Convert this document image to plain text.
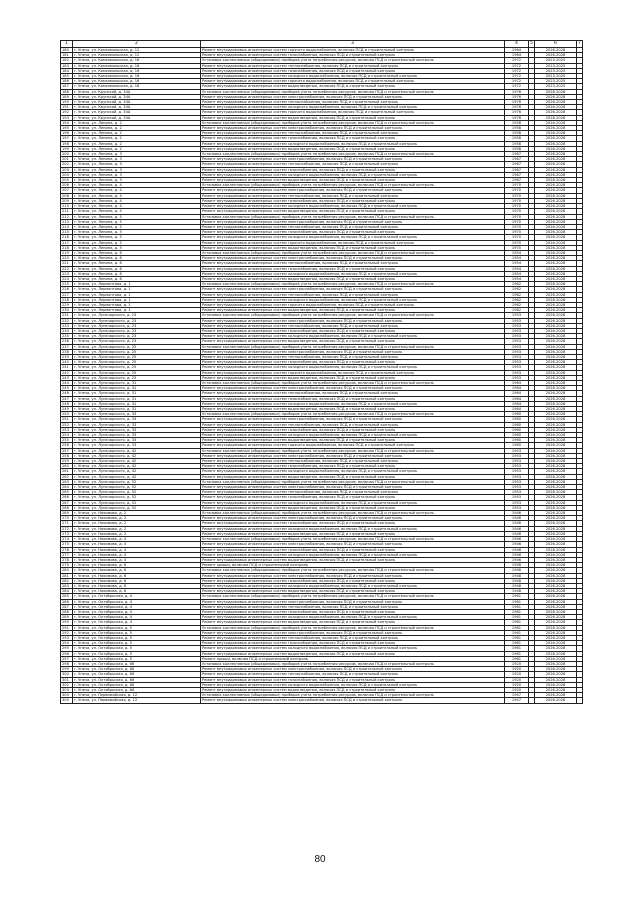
1	2	3	4	5	6	7
180	г. Унеча, ул. Комсомольская, д. 12	Ремонт внутридомовых инженерных систем горячего водоснабжения, включая ПСД и строительный контроль	1964		2026-2028	
181	г. Унеча, ул. Комсомольская, д. 12	Ремонт внутридомовых инженерных систем газоснабжения, включая ПСД и строительный контроль	1964		2026-2028	
182	г. Унеча, ул. Комсомольская, д. 16	Установка коллективных (общедомовых) приборов учета потребления ресурсов, включая ПСД и строительный контроль	1972		2023-2025	
183	г. Унеча, ул. Комсомольская, д. 16	Ремонт внутридомовых инженерных систем теплоснабжения, включая ПСД и строительный контроль	1972		2023-2025	
184	г. Унеча, ул. Комсомольская, д. 16	Ремонт внутридомовых инженерных систем газоснабжения, включая ПСД и строительный контроль	1972		2023-2025	
185	г. Унеча, ул. Комсомольская, д. 16	Ремонт внутридомовых инженерных систем холодного водоснабжения, включая ПСД и строительный контроль	1972		2023-2025	
186	г. Унеча, ул. Комсомольская, д. 16	Ремонт внутридомовых инженерных систем горячего водоснабжения, включая ПСД и строительный контроль	1972		2023-2025	
187	г. Унеча, ул. Комсомольская, д. 16	Ремонт внутридомовых инженерных систем водоотведения, включая ПСД и строительный контроль	1972		2023-2025	
188	г. Унеча, ул. Крупской, д. 34А	Установка коллективных (общедомовых) приборов учета потребления ресурсов, включая ПСД и строительный контроль	1976		2026-2028	
189	г. Унеча, ул. Крупской, д. 34А	Ремонт внутридомовых инженерных систем электроснабжения, включая ПСД и строительный контроль	1976		2026-2028	
190	г. Унеча, ул. Крупской, д. 34А	Ремонт внутридомовых инженерных систем теплоснабжения, включая ПСД и строительный контроль	1976		2026-2028	
191	г. Унеча, ул. Крупской, д. 34А	Ремонт внутридомовых инженерных систем холодного водоснабжения, включая ПСД и строительный контроль	1976		2026-2028	
192	г. Унеча, ул. Крупской, д. 34А	Ремонт внутридомовых инженерных систем горячего водоснабжения, включая ПСД и строительный контроль	1976		2026-2028	
193	г. Унеча, ул. Крупской, д. 34А	Ремонт внутридомовых инженерных систем водоотведения, включая ПСД и строительный контроль	1976		2026-2028	
194	г. Унеча, ул. Ленина, д. 2	Установка коллективных (общедомовых) приборов учета потребления ресурсов, включая ПСД и строительный контроль	1958		2026-2028	
195	г. Унеча, ул. Ленина, д. 2	Ремонт внутридомовых инженерных систем электроснабжения, включая ПСД и строительный контроль	1958		2026-2028	
196	г. Унеча, ул. Ленина, д. 2	Ремонт внутридомовых инженерных систем теплоснабжения, включая ПСД и строительный контроль	1958		2026-2028	
197	г. Унеча, ул. Ленина, д. 2	Ремонт внутридомовых инженерных систем газоснабжения, включая ПСД и строительный контроль	1958		2026-2028	
198	г. Унеча, ул. Ленина, д. 2	Ремонт внутридомовых инженерных систем холодного водоснабжения, включая ПСД и строительный контроль	1958		2026-2028	
199	г. Унеча, ул. Ленина, д. 2	Ремонт внутридомовых инженерных систем водоотведения, включая ПСД и строительный контроль	1958		2026-2028	
200	г. Унеча, ул. Ленина, д. 3	Установка коллективных (общедомовых) приборов учета потребления ресурсов, включая ПСД и строительный контроль	1967		2026-2028	
201	г. Унеча, ул. Ленина, д. 3	Ремонт внутридомовых инженерных систем электроснабжения, включая ПСД и строительный контроль	1967		2026-2028	
202	г. Унеча, ул. Ленина, д. 3	Ремонт внутридомовых инженерных систем теплоснабжения, включая ПСД и строительный контроль	1967		2026-2028	
203	г. Унеча, ул. Ленина, д. 3	Ремонт внутридомовых инженерных систем газоснабжения, включая ПСД и строительный контроль	1967		2026-2028	
204	г. Унеча, ул. Ленина, д. 3	Ремонт внутридомовых инженерных систем холодного водоснабжения, включая ПСД и строительный контроль	1967		2026-2028	
205	г. Унеча, ул. Ленина, д. 3	Ремонт внутридомовых инженерных систем водоотведения, включая ПСД и строительный контроль	1967		2026-2028	
206	г. Унеча, ул. Ленина, д. 4	Установка коллективных (общедомовых) приборов учета потребления ресурсов, включая ПСД и строительный контроль	1970		2026-2028	
207	г. Унеча, ул. Ленина, д. 4	Ремонт внутридомовых инженерных систем электроснабжения, включая ПСД и строительный контроль	1970		2026-2028	
208	г. Унеча, ул. Ленина, д. 4	Ремонт внутридомовых инженерных систем теплоснабжения, включая ПСД и строительный контроль	1970		2026-2028	
209	г. Унеча, ул. Ленина, д. 4	Ремонт внутридомовых инженерных систем газоснабжения, включая ПСД и строительный контроль	1970		2026-2028	
210	г. Унеча, ул. Ленина, д. 4	Ремонт внутридомовых инженерных систем холодного водоснабжения, включая ПСД и строительный контроль	1970		2026-2028	
211	г. Унеча, ул. Ленина, д. 4	Ремонт внутридомовых инженерных систем водоотведения, включая ПСД и строительный контроль	1970		2026-2028	
212	г. Унеча, ул. Ленина, д. 5	Установка коллективных (общедомовых) приборов учета потребления ресурсов, включая ПСД и строительный контроль	1970		2026-2028	
213	г. Унеча, ул. Ленина, д. 5	Ремонт внутридомовых инженерных систем электроснабжения, включая ПСД и строительный контроль	1970		2026-2028	
214	г. Унеча, ул. Ленина, д. 5	Ремонт внутридомовых инженерных систем теплоснабжения, включая ПСД и строительный контроль	1970		2026-2028	
215	г. Унеча, ул. Ленина, д. 5	Ремонт внутридомовых инженерных систем газоснабжения, включая ПСД и строительный контроль	1970		2026-2028	
216	г. Унеча, ул. Ленина, д. 5	Ремонт внутридомовых инженерных систем холодного водоснабжения, включая ПСД и строительный контроль	1970		2026-2028	
217	г. Унеча, ул. Ленина, д. 5	Ремонт внутридомовых инженерных систем горячего водоснабжения, включая ПСД и строительный контроль	1970		2026-2028	
218	г. Унеча, ул. Ленина, д. 5	Ремонт внутридомовых инженерных систем водоотведения, включая ПСД и строительный контроль	1970		2026-2028	
219	г. Унеча, ул. Ленина, д. 6	Установка коллективных (общедомовых) приборов учета потребления ресурсов, включая ПСД и строительный контроль	1954		2026-2028	
220	г. Унеча, ул. Ленина, д. 6	Ремонт внутридомовых инженерных систем электроснабжения, включая ПСД и строительный контроль	1954		2026-2028	
221	г. Унеча, ул. Ленина, д. 6	Ремонт внутридомовых инженерных систем теплоснабжения, включая ПСД и строительный контроль	1954		2026-2028	
222	г. Унеча, ул. Ленина, д. 6	Ремонт внутридомовых инженерных систем газоснабжения, включая ПСД и строительный контроль	1954		2026-2028	
223	г. Унеча, ул. Ленина, д. 6	Ремонт внутридомовых инженерных систем холодного водоснабжения, включая ПСД и строительный контроль	1954		2026-2028	
224	г. Унеча, ул. Ленина, д. 6	Ремонт внутридомовых инженерных систем водоотведения, включая ПСД и строительный контроль	1954		2026-2028	
225	г. Унеча, ул. Лермонтова, д. 1	Установка коллективных (общедомовых) приборов учета потребления ресурсов, включая ПСД и строительный контроль	1962		2026-2028	
226	г. Унеча, ул. Лермонтова, д. 1	Ремонт внутридомовых инженерных систем электроснабжения, включая ПСД и строительный контроль	1962		2026-2028	
227	г. Унеча, ул. Лермонтова, д. 1	Ремонт внутридомовых инженерных систем теплоснабжения, включая ПСД и строительный контроль	1962		2026-2028	
228	г. Унеча, ул. Лермонтова, д. 1	Ремонт внутридомовых инженерных систем холодного водоснабжения, включая ПСД и строительный контроль	1962		2026-2028	
229	г. Унеча, ул. Лермонтова, д. 1	Ремонт внутридомовых инженерных систем горячего водоснабжения, включая ПСД и строительный контроль	1962		2026-2028	
230	г. Унеча, ул. Лермонтова, д. 1	Ремонт внутридомовых инженерных систем водоотведения, включая ПСД и строительный контроль	1962		2026-2028	
231	г. Унеча, ул. Луначарского, д. 23	Установка коллективных (общедомовых) приборов учета потребления ресурсов, включая ПСД и строительный контроль	1953		2026-2028	
232	г. Унеча, ул. Луначарского, д. 23	Ремонт внутридомовых инженерных систем электроснабжения, включая ПСД и строительный контроль	1953		2026-2028	
233	г. Унеча, ул. Луначарского, д. 23	Ремонт внутридомовых инженерных систем теплоснабжения, включая ПСД и строительный контроль	1953		2026-2028	
234	г. Унеча, ул. Луначарского, д. 23	Ремонт внутридомовых инженерных систем газоснабжения, включая ПСД и строительный контроль	1953		2026-2028	
235	г. Унеча, ул. Луначарского, д. 23	Ремонт внутридомовых инженерных систем холодного водоснабжения, включая ПСД и строительный контроль	1953		2026-2028	
236	г. Унеча, ул. Луначарского, д. 23	Ремонт внутридомовых инженерных систем водоотведения, включая ПСД и строительный контроль	1953		2026-2028	
237	г. Унеча, ул. Луначарского, д. 25	Установка коллективных (общедомовых) приборов учета потребления ресурсов, включая ПСД и строительный контроль	1953		2026-2028	
238	г. Унеча, ул. Луначарского, д. 25	Ремонт внутридомовых инженерных систем электроснабжения, включая ПСД и строительный контроль	1953		2026-2028	
239	г. Унеча, ул. Луначарского, д. 25	Ремонт внутридомовых инженерных систем теплоснабжения, включая ПСД и строительный контроль	1953		2026-2028	
240	г. Унеча, ул. Луначарского, д. 25	Ремонт внутридомовых инженерных систем газоснабжения, включая ПСД и строительный контроль	1953		2026-2028	
241	г. Унеча, ул. Луначарского, д. 25	Ремонт внутридомовых инженерных систем холодного водоснабжения, включая ПСД и строительный контроль	1953		2026-2028	
242	г. Унеча, ул. Луначарского, д. 25	Ремонт внутридомовых инженерных систем горячего водоснабжения, включая ПСД и строительный контроль	1953		2026-2028	
243	г. Унеча, ул. Луначарского, д. 25	Ремонт внутридомовых инженерных систем водоотведения, включая ПСД и строительный контроль	1953		2026-2028	
244	г. Унеча, ул. Луначарского, д. 31	Установка коллективных (общедомовых) приборов учета потребления ресурсов, включая ПСД и строительный контроль	1964		2026-2028	
245	г. Унеча, ул. Луначарского, д. 31	Ремонт внутридомовых инженерных систем электроснабжения, включая ПСД и строительный контроль	1964		2026-2028	
246	г. Унеча, ул. Луначарского, д. 31	Ремонт внутридомовых инженерных систем теплоснабжения, включая ПСД и строительный контроль	1964		2026-2028	
247	г. Унеча, ул. Луначарского, д. 31	Ремонт внутридомовых инженерных систем газоснабжения, включая ПСД и строительный контроль	1964		2026-2028	
248	г. Унеча, ул. Луначарского, д. 31	Ремонт внутридомовых инженерных систем холодного водоснабжения, включая ПСД и строительный контроль	1964		2026-2028	
249	г. Унеча, ул. Луначарского, д. 31	Ремонт внутридомовых инженерных систем водоотведения, включая ПСД и строительный контроль	1964		2026-2028	
250	г. Унеча, ул. Луначарского, д. 33	Установка коллективных (общедомовых) приборов учета потребления ресурсов, включая ПСД и строительный контроль	1960		2026-2028	
251	г. Унеча, ул. Луначарского, д. 33	Ремонт внутридомовых инженерных систем электроснабжения, включая ПСД и строительный контроль	1960		2026-2028	
252	г. Унеча, ул. Луначарского, д. 33	Ремонт внутридомовых инженерных систем теплоснабжения, включая ПСД и строительный контроль	1960		2026-2028	
253	г. Унеча, ул. Луначарского, д. 33	Ремонт внутридомовых инженерных систем газоснабжения, включая ПСД и строительный контроль	1960		2026-2028	
254	г. Унеча, ул. Луначарского, д. 33	Ремонт внутридомовых инженерных систем холодного водоснабжения, включая ПСД и строительный контроль	1960		2026-2028	
255	г. Унеча, ул. Луначарского, д. 33	Ремонт внутридомовых инженерных систем водоотведения, включая ПСД и строительный контроль	1960		2026-2028	
256	г. Унеча, ул. Луначарского, д. 33	Ремонт внутридомовых инженерных систем горячего водоснабжения, включая ПСД и строительный контроль	1960		2026-2028	
257	г. Унеча, ул. Луначарского, д. 42	Установка коллективных (общедомовых) приборов учета потребления ресурсов, включая ПСД и строительный контроль	1953		2026-2028	
258	г. Унеча, ул. Луначарского, д. 42	Ремонт внутридомовых инженерных систем электроснабжения, включая ПСД и строительный контроль	1953		2026-2028	
259	г. Унеча, ул. Луначарского, д. 42	Ремонт внутридомовых инженерных систем теплоснабжения, включая ПСД и строительный контроль	1953		2026-2028	
260	г. Унеча, ул. Луначарского, д. 42	Ремонт внутридомовых инженерных систем газоснабжения, включая ПСД и строительный контроль	1953		2026-2028	
261	г. Унеча, ул. Луначарского, д. 42	Ремонт внутридомовых инженерных систем холодного водоснабжения, включая ПСД и строительный контроль	1953		2026-2028	
262	г. Унеча, ул. Луначарского, д. 42	Ремонт внутридомовых инженерных систем водоотведения, включая ПСД и строительный контроль	1953		2026-2028	
263	г. Унеча, ул. Луначарского, д. 52	Установка коллективных (общедомовых) приборов учета потребления ресурсов, включая ПСД и строительный контроль	1953		2026-2028	
264	г. Унеча, ул. Луначарского, д. 52	Ремонт внутридомовых инженерных систем электроснабжения, включая ПСД и строительный контроль	1953		2026-2028	
265	г. Унеча, ул. Луначарского, д. 52	Ремонт внутридомовых инженерных систем теплоснабжения, включая ПСД и строительный контроль	1953		2026-2028	
266	г. Унеча, ул. Луначарского, д. 52	Ремонт внутридомовых инженерных систем газоснабжения, включая ПСД и строительный контроль	1953		2026-2028	
267	г. Унеча, ул. Луначарского, д. 52	Ремонт внутридомовых инженерных систем холодного водоснабжения, включая ПСД и строительный контроль	1953		2026-2028	
268	г. Унеча, ул. Луначарского, д. 52	Ремонт внутридомовых инженерных систем водоотведения, включая ПСД и строительный контроль	1953		2026-2028	
269	г. Унеча, ул. Нахимова, д. 2	Установка коллективных (общедомовых) приборов учета потребления ресурсов, включая ПСД и строительный контроль	1946		2026-2028	
270	г. Унеча, ул. Нахимова, д. 2	Ремонт внутридомовых инженерных систем электроснабжения, включая ПСД и строительный контроль	1946		2026-2028	
271	г. Унеча, ул. Нахимова, д. 2	Ремонт внутридомовых инженерных систем газоснабжения, включая ПСД и строительный контроль	1946		2026-2028	
272	г. Унеча, ул. Нахимова, д. 2	Ремонт внутридомовых инженерных систем холодного водоснабжения, включая ПСД и строительный контроль	1946		2026-2028	
273	г. Унеча, ул. Нахимова, д. 2	Ремонт внутридомовых инженерных систем водоотведения, включая ПСД и строительный контроль	1946		2026-2028	
274	г. Унеча, ул. Нахимова, д. 4	Установка коллективных (общедомовых) приборов учета потребления ресурсов, включая ПСД и строительный контроль	1946		2026-2028	
275	г. Унеча, ул. Нахимова, д. 4	Ремонт внутридомовых инженерных систем электроснабжения, включая ПСД и строительный контроль	1946		2026-2028	
276	г. Унеча, ул. Нахимова, д. 4	Ремонт внутридомовых инженерных систем газоснабжения, включая ПСД и строительный контроль	1946		2026-2028	
277	г. Унеча, ул. Нахимова, д. 4	Ремонт внутридомовых инженерных систем холодного водоснабжения, включая ПСД и строительный контроль	1946		2026-2028	
278	г. Унеча, ул. Нахимова, д. 4	Ремонт внутридомовых инженерных систем водоотведения, включая ПСД и строительный контроль	1946		2026-2028	
279	г. Унеча, ул. Нахимова, д. 6	Ремонт крыши, включая ПСД и строительный контроль	1948		2026-2028	
280	г. Унеча, ул. Нахимова, д. 6	Установка коллективных (общедомовых) приборов учета потребления ресурсов, включая ПСД и строительный контроль	1948		2026-2028	
281	г. Унеча, ул. Нахимова, д. 6	Ремонт внутридомовых инженерных систем электроснабжения, включая ПСД и строительный контроль	1948		2026-2028	
282	г. Унеча, ул. Нахимова, д. 6	Ремонт внутридомовых инженерных систем газоснабжения, включая ПСД и строительный контроль	1948		2026-2028	
283	г. Унеча, ул. Нахимова, д. 6	Ремонт внутридомовых инженерных систем холодного водоснабжения, включая ПСД и строительный контроль	1948		2026-2028	
284	г. Унеча, ул. Нахимова, д. 6	Ремонт внутридомовых инженерных систем водоотведения, включая ПСД и строительный контроль	1948		2026-2028	
285	г. Унеча, ул. Октябрьская, д. 4	Установка коллективных (общедомовых) приборов учета потребления ресурсов, включая ПСД и строительный контроль	1961		2026-2028	
286	г. Унеча, ул. Октябрьская, д. 4	Ремонт внутридомовых инженерных систем электроснабжения, включая ПСД и строительный контроль	1961		2026-2028	
287	г. Унеча, ул. Октябрьская, д. 4	Ремонт внутридомовых инженерных систем теплоснабжения, включая ПСД и строительный контроль	1961		2026-2028	
288	г. Унеча, ул. Октябрьская, д. 4	Ремонт внутридомовых инженерных систем газоснабжения, включая ПСД и строительный контроль	1961		2026-2028	
289	г. Унеча, ул. Октябрьская, д. 4	Ремонт внутридомовых инженерных систем холодного водоснабжения, включая ПСД и строительный контроль	1961		2026-2028	
290	г. Унеча, ул. Октябрьская, д. 4	Ремонт внутридомовых инженерных систем водоотведения, включая ПСД и строительный контроль	1961		2026-2028	
291	г. Унеча, ул. Октябрьская, д. 5	Установка коллективных (общедомовых) приборов учета потребления ресурсов, включая ПСД и строительный контроль	1961		2026-2028	
292	г. Унеча, ул. Октябрьская, д. 5	Ремонт внутридомовых инженерных систем электроснабжения, включая ПСД и строительный контроль	1961		2026-2028	
293	г. Унеча, ул. Октябрьская, д. 5	Ремонт внутридомовых инженерных систем теплоснабжения, включая ПСД и строительный контроль	1961		2026-2028	
294	г. Унеча, ул. Октябрьская, д. 5	Ремонт внутридомовых инженерных систем газоснабжения, включая ПСД и строительный контроль	1961		2026-2028	
295	г. Унеча, ул. Октябрьская, д. 5	Ремонт внутридомовых инженерных систем холодного водоснабжения, включая ПСД и строительный контроль	1961		2026-2028	
296	г. Унеча, ул. Октябрьская, д. 5	Ремонт внутридомовых инженерных систем водоотведения, включая ПСД и строительный контроль	1961		2026-2028	
297	г. Унеча, ул. Октябрьская, д. 5	Ремонт крыши, включая ПСД и строительный контроль	1961		2026-2028	
298	г. Унеча, ул. Октябрьская, д. 66	Установка коллективных (общедомовых) приборов учета потребления ресурсов, включая ПСД и строительный контроль	1920		2026-2028	
299	г. Унеча, ул. Октябрьская, д. 66	Ремонт внутридомовых инженерных систем электроснабжения, включая ПСД и строительный контроль	1920		2026-2028	
300	г. Унеча, ул. Октябрьская, д. 66	Ремонт внутридомовых инженерных систем теплоснабжения, включая ПСД и строительный контроль	1920		2026-2028	
301	г. Унеча, ул. Октябрьская, д. 66	Ремонт внутридомовых инженерных систем газоснабжения, включая ПСД и строительный контроль	1920		2026-2028	
302	г. Унеча, ул. Октябрьская, д. 66	Ремонт внутридомовых инженерных систем холодного водоснабжения, включая ПСД и строительный контроль	1920		2026-2028	
303	г. Унеча, ул. Октябрьская, д. 66	Ремонт внутридомовых инженерных систем водоотведения, включая ПСД и строительный контроль	1920		2026-2028	
304	г. Унеча, ул. Первомайская, д. 12	Установка коллективных (общедомовых) приборов учета потребления ресурсов, включая ПСД и строительный контроль	1947		2026-2028	
305	г. Унеча, ул. Первомайская, д. 12	Ремонт внутридомовых инженерных систем электроснабжения, включая ПСД и строительный контроль	1947		2026-2028	
80
